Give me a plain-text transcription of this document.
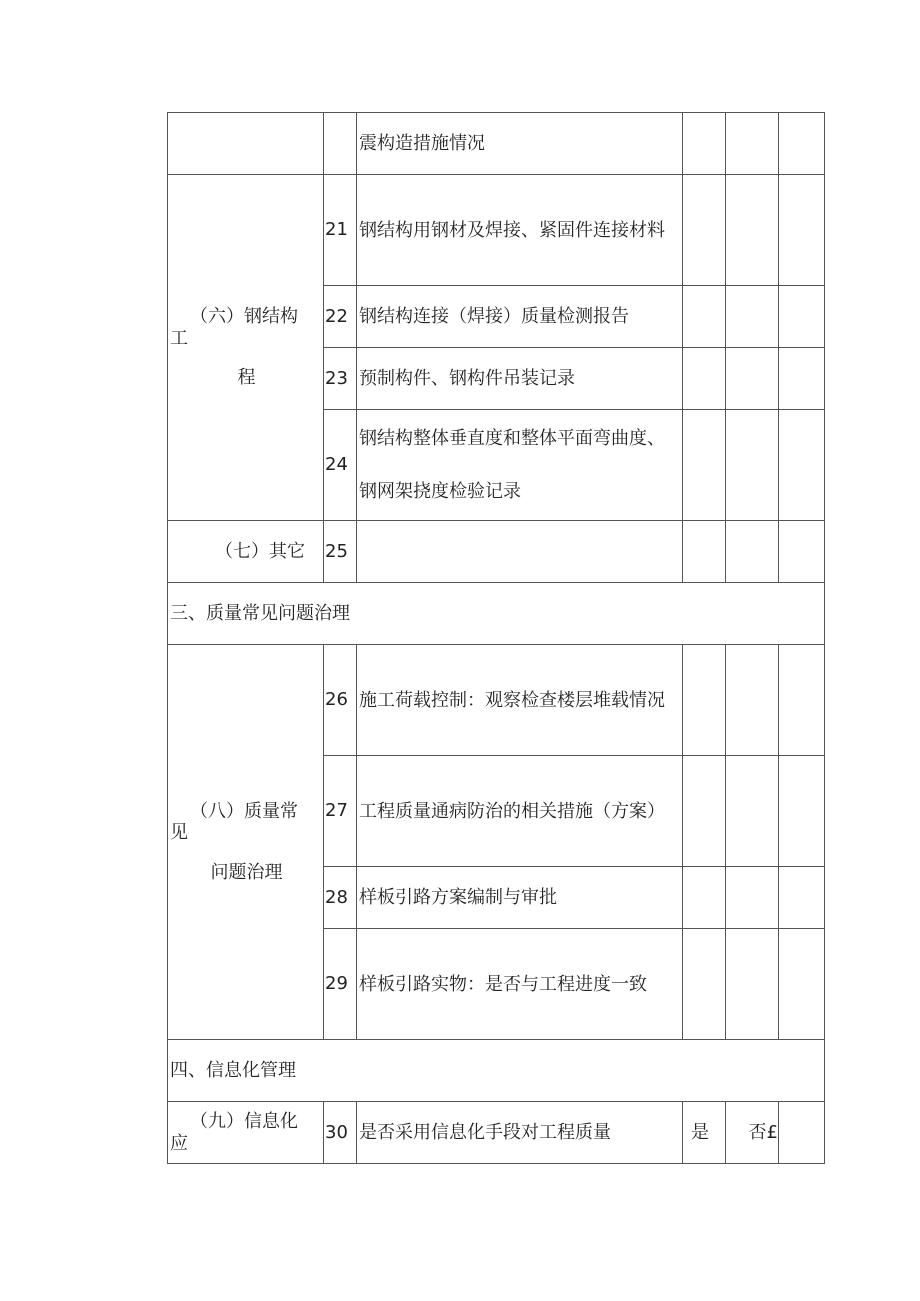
		震构造措施情况			

（六）钢结构
工
程	21	钢结构用钢材及焊接、紧固件连接材料			
	22	钢结构连接（焊接）质量检测报告			
	23	预制构件、钢构件吊装记录			
	24	钢结构整体垂直度和整体平面弯曲度、钢网架挠度检验记录			
（七）其它	25				
三、质量常见问题治理					

（八）质量常
见
问题治理	26	施工荷载控制：观察检查楼层堆载情况			
	27	工程质量通病防治的相关措施（方案）			
	28	样板引路方案编制与审批			
	29	样板引路实物：是否与工程进度一致			
四、信息化管理					

（九）信息化
应	30	是否采用信息化手段对工程质量	是	否£	
